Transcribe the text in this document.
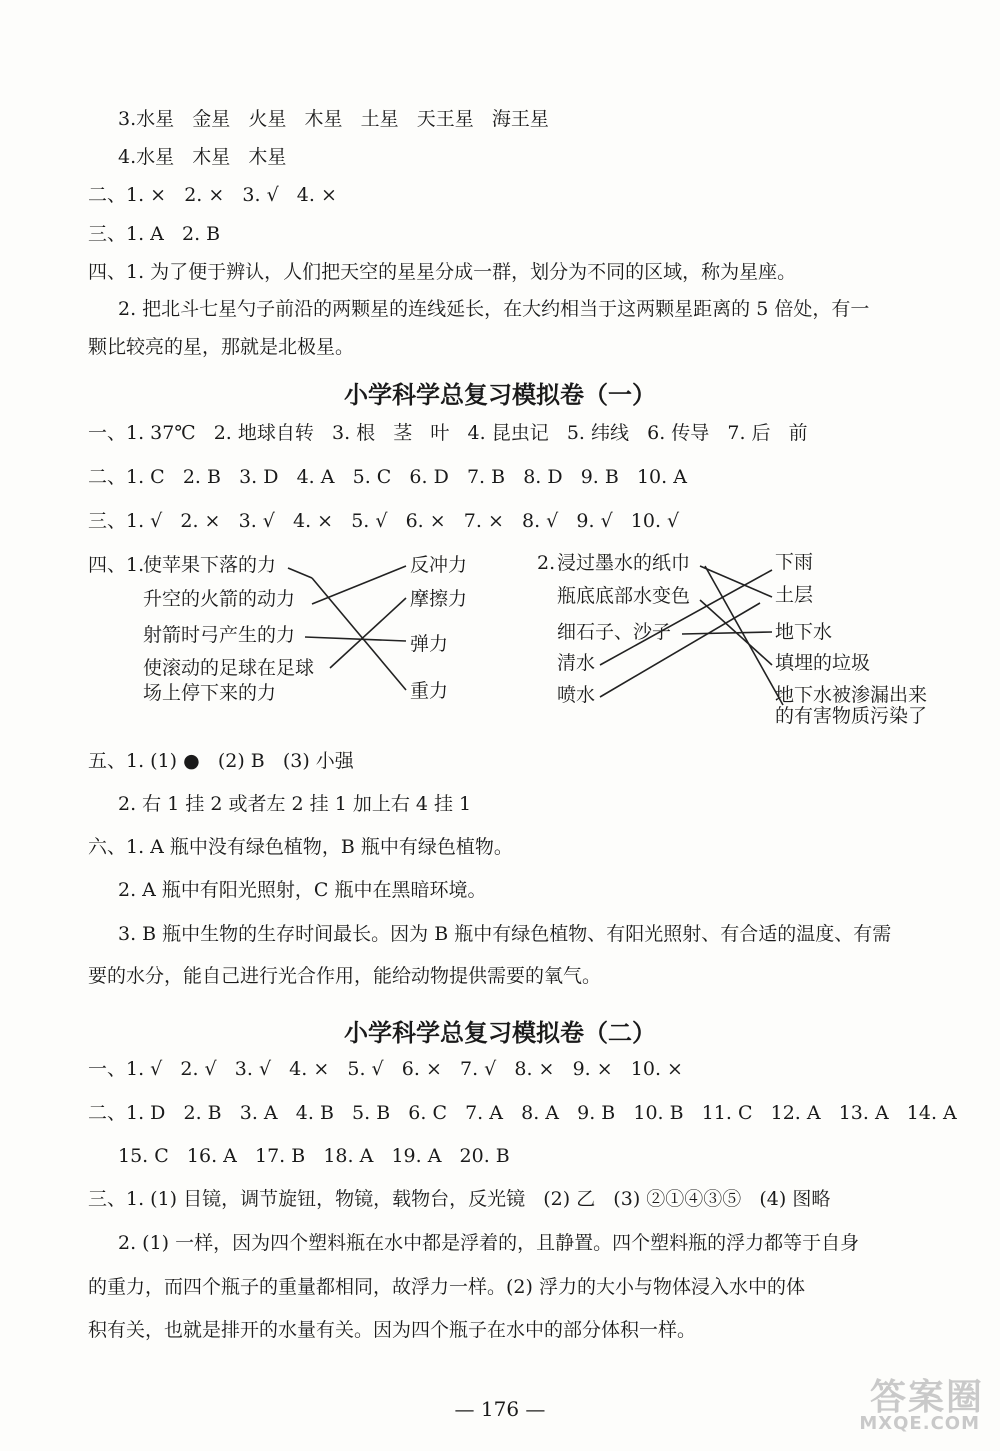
3.水星   金星   火星   木星   土星   天王星   海王星
4.水星   木星   木星
二、1. ×   2. ×   3. √   4. ×
三、1. A   2. B
四、1. 为了便于辨认，人们把天空的星星分成一群，划分为不同的区域，称为星座。
2. 把北斗七星勺子前沿的两颗星的连线延长，在大约相当于这两颗星距离的 5 倍处，有一
颗比较亮的星，那就是北极星。
小学科学总复习模拟卷（一）
一、1. 37℃   2. 地球自转   3. 根   茎   叶   4. 昆虫记   5. 纬线   6. 传导   7. 后   前
二、1. C   2. B   3. D   4. A   5. C   6. D   7. B   8. D   9. B   10. A
三、1. √   2. ×   3. √   4. ×   5. √   6. ×   7. ×   8. √   9. √   10. √
四、1.
使苹果下落的力
升空的火箭的动力
射箭时弓产生的力
使滚动的足球在足球
场上停下来的力
反冲力
摩擦力
弹力
重力
2. 浸过墨水的纸巾
瓶底底部水变色
细石子、沙子
清水
喷水
下雨
土层
地下水
填埋的垃圾
地下水被渗漏出来
的有害物质污染了
五、1. (1) ●   (2) B   (3) 小强
2. 右 1 挂 2 或者左 2 挂 1 加上右 4 挂 1
六、1. A 瓶中没有绿色植物，B 瓶中有绿色植物。
2. A 瓶中有阳光照射，C 瓶中在黑暗环境。
3. B 瓶中生物的生存时间最长。因为 B 瓶中有绿色植物、有阳光照射、有合适的温度、有需
要的水分，能自己进行光合作用，能给动物提供需要的氧气。
小学科学总复习模拟卷（二）
一、1. √   2. √   3. √   4. ×   5. √   6. ×   7. √   8. ×   9. ×   10. ×
二、1. D   2. B   3. A   4. B   5. B   6. C   7. A   8. A   9. B   10. B   11. C   12. A   13. A   14. A
15. C   16. A   17. B   18. A   19. A   20. B
三、1. (1) 目镜，调节旋钮，物镜，载物台，反光镜   (2) 乙   (3) ②①④③⑤   (4) 图略
2. (1) 一样，因为四个塑料瓶在水中都是浮着的，且静置。四个塑料瓶的浮力都等于自身
的重力，而四个瓶子的重量都相同，故浮力一样。(2) 浮力的大小与物体浸入水中的体
积有关，也就是排开的水量有关。因为四个瓶子在水中的部分体积一样。
— 176 —	答案圈
MXQE.COM
